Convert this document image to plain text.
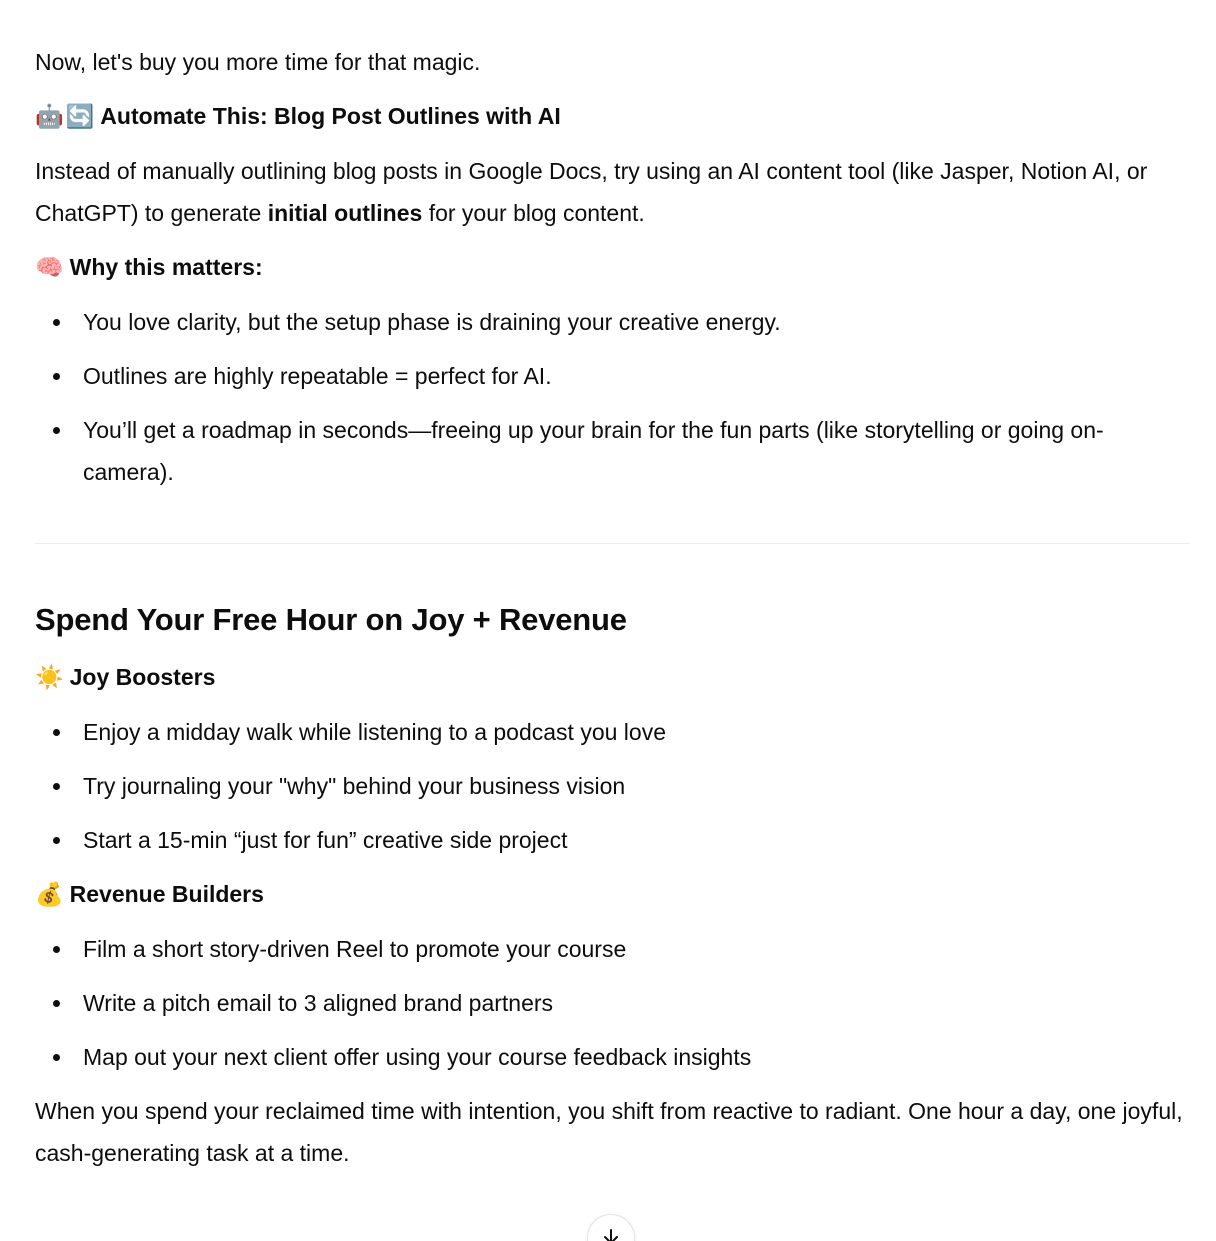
Now, let's buy you more time for that magic.

🤖🔄 Automate This: Blog Post Outlines with AI

Instead of manually outlining blog posts in Google Docs, try using an AI content tool (like Jasper, Notion AI, or ChatGPT) to generate initial outlines for your blog content.

🧠 Why this matters:

You love clarity, but the setup phase is draining your creative energy.
Outlines are highly repeatable = perfect for AI.
You’ll get a roadmap in seconds—freeing up your brain for the fun parts (like storytelling or going on-camera).
Spend Your Free Hour on Joy + Revenue

☀️ Joy Boosters

Enjoy a midday walk while listening to a podcast you love
Try journaling your "why" behind your business vision
Start a 15-min “just for fun” creative side project

💰 Revenue Builders

Film a short story-driven Reel to promote your course
Write a pitch email to 3 aligned brand partners
Map out your next client offer using your course feedback insights

When you spend your reclaimed time with intention, you shift from reactive to radiant. One hour a day, one joyful, cash-generating task at a time.
